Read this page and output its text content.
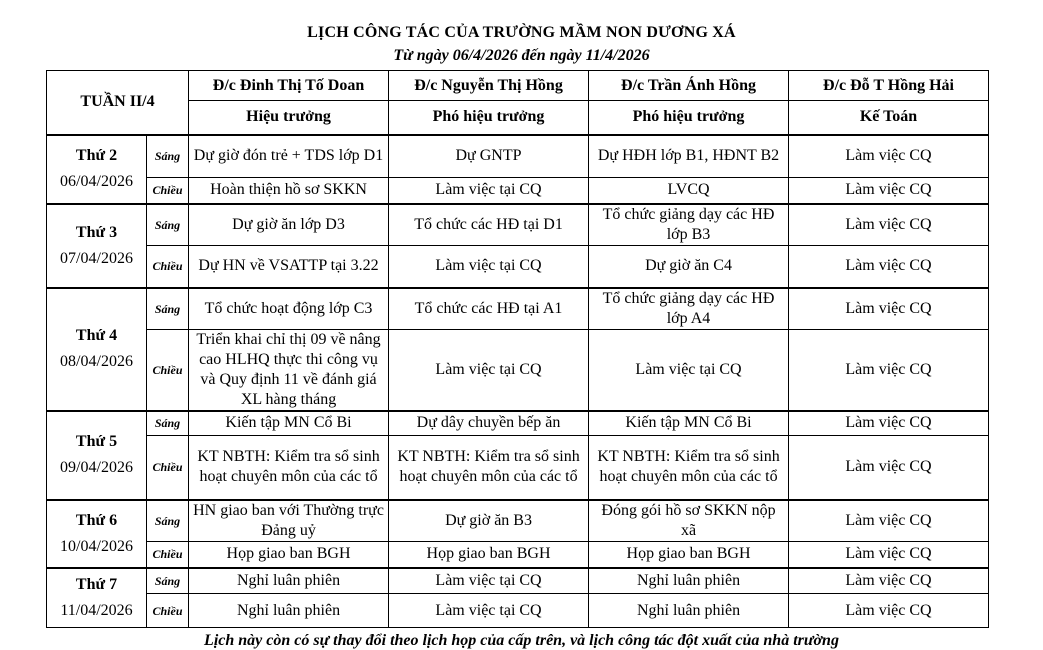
LỊCH CÔNG TÁC CỦA TRƯỜNG MẦM NON DƯƠNG XÁ
Từ ngày 06/4/2026 đến ngày 11/4/2026
TUẦN II/4		Đ/c Đinh Thị Tố Doan	Đ/c Nguyễn Thị Hồng	Đ/c Trần Ánh Hồng	Đ/c Đỗ T Hồng Hải
		Hiệu trưởng	Phó hiệu trưởng	Phó hiệu trưởng	Kế Toán

Thứ 2
06/04/2026	Sáng	Dự giờ đón trẻ + TDS lớp D1	Dự GNTP	Dự HĐH lớp B1, HĐNT B2	Làm việc CQ
	Chiều	Hoàn thiện hồ sơ SKKN	Làm việc tại CQ	LVCQ	Làm việc CQ

Thứ 3
07/04/2026	Sáng	Dự giờ ăn lớp D3	Tổ chức các HĐ tại D1	Tổ chức giảng dạy các HĐ lớp B3	Làm việc CQ
	Chiều	Dự HN về VSATTP tại 3.22	Làm việc tại CQ	Dự giờ ăn C4	Làm việc CQ

Thứ 4
08/04/2026	Sáng	Tổ chức hoạt động lớp C3	Tổ chức các HĐ tại A1	Tổ chức giảng dạy các HĐ lớp A4	Làm việc CQ
	Chiều	Triển khai chỉ thị 09 về nâng cao HLHQ thực thi công vụ và Quy định 11 về đánh giá XL hàng tháng	Làm việc tại CQ	Làm việc tại CQ	Làm việc CQ

Thứ 5
09/04/2026	Sáng	Kiến tập MN Cổ Bi	Dự dây chuyền bếp ăn	Kiến tập MN Cổ Bi	Làm việc CQ
	Chiều	KT NBTH: Kiểm tra sổ sinh hoạt chuyên môn của các tổ	KT NBTH: Kiểm tra sổ sinh hoạt chuyên môn của các tổ	KT NBTH: Kiểm tra sổ sinh hoạt chuyên môn của các tổ	Làm việc CQ

Thứ 6
10/04/2026	Sáng	HN giao ban với Thường trực Đảng uỷ	Dự giờ ăn B3	Đóng gói hồ sơ SKKN nộp xã	Làm việc CQ
	Chiều	Họp giao ban BGH	Họp giao ban BGH	Họp giao ban BGH	Làm việc CQ

Thứ 7
11/04/2026	Sáng	Nghỉ luân phiên	Làm việc tại CQ	Nghỉ luân phiên	Làm việc CQ
	Chiều	Nghỉ luân phiên	Làm việc tại CQ	Nghỉ luân phiên	Làm việc CQ
Lịch này còn có sự thay đổi theo lịch họp của cấp trên, và lịch công tác đột xuất của nhà trường
